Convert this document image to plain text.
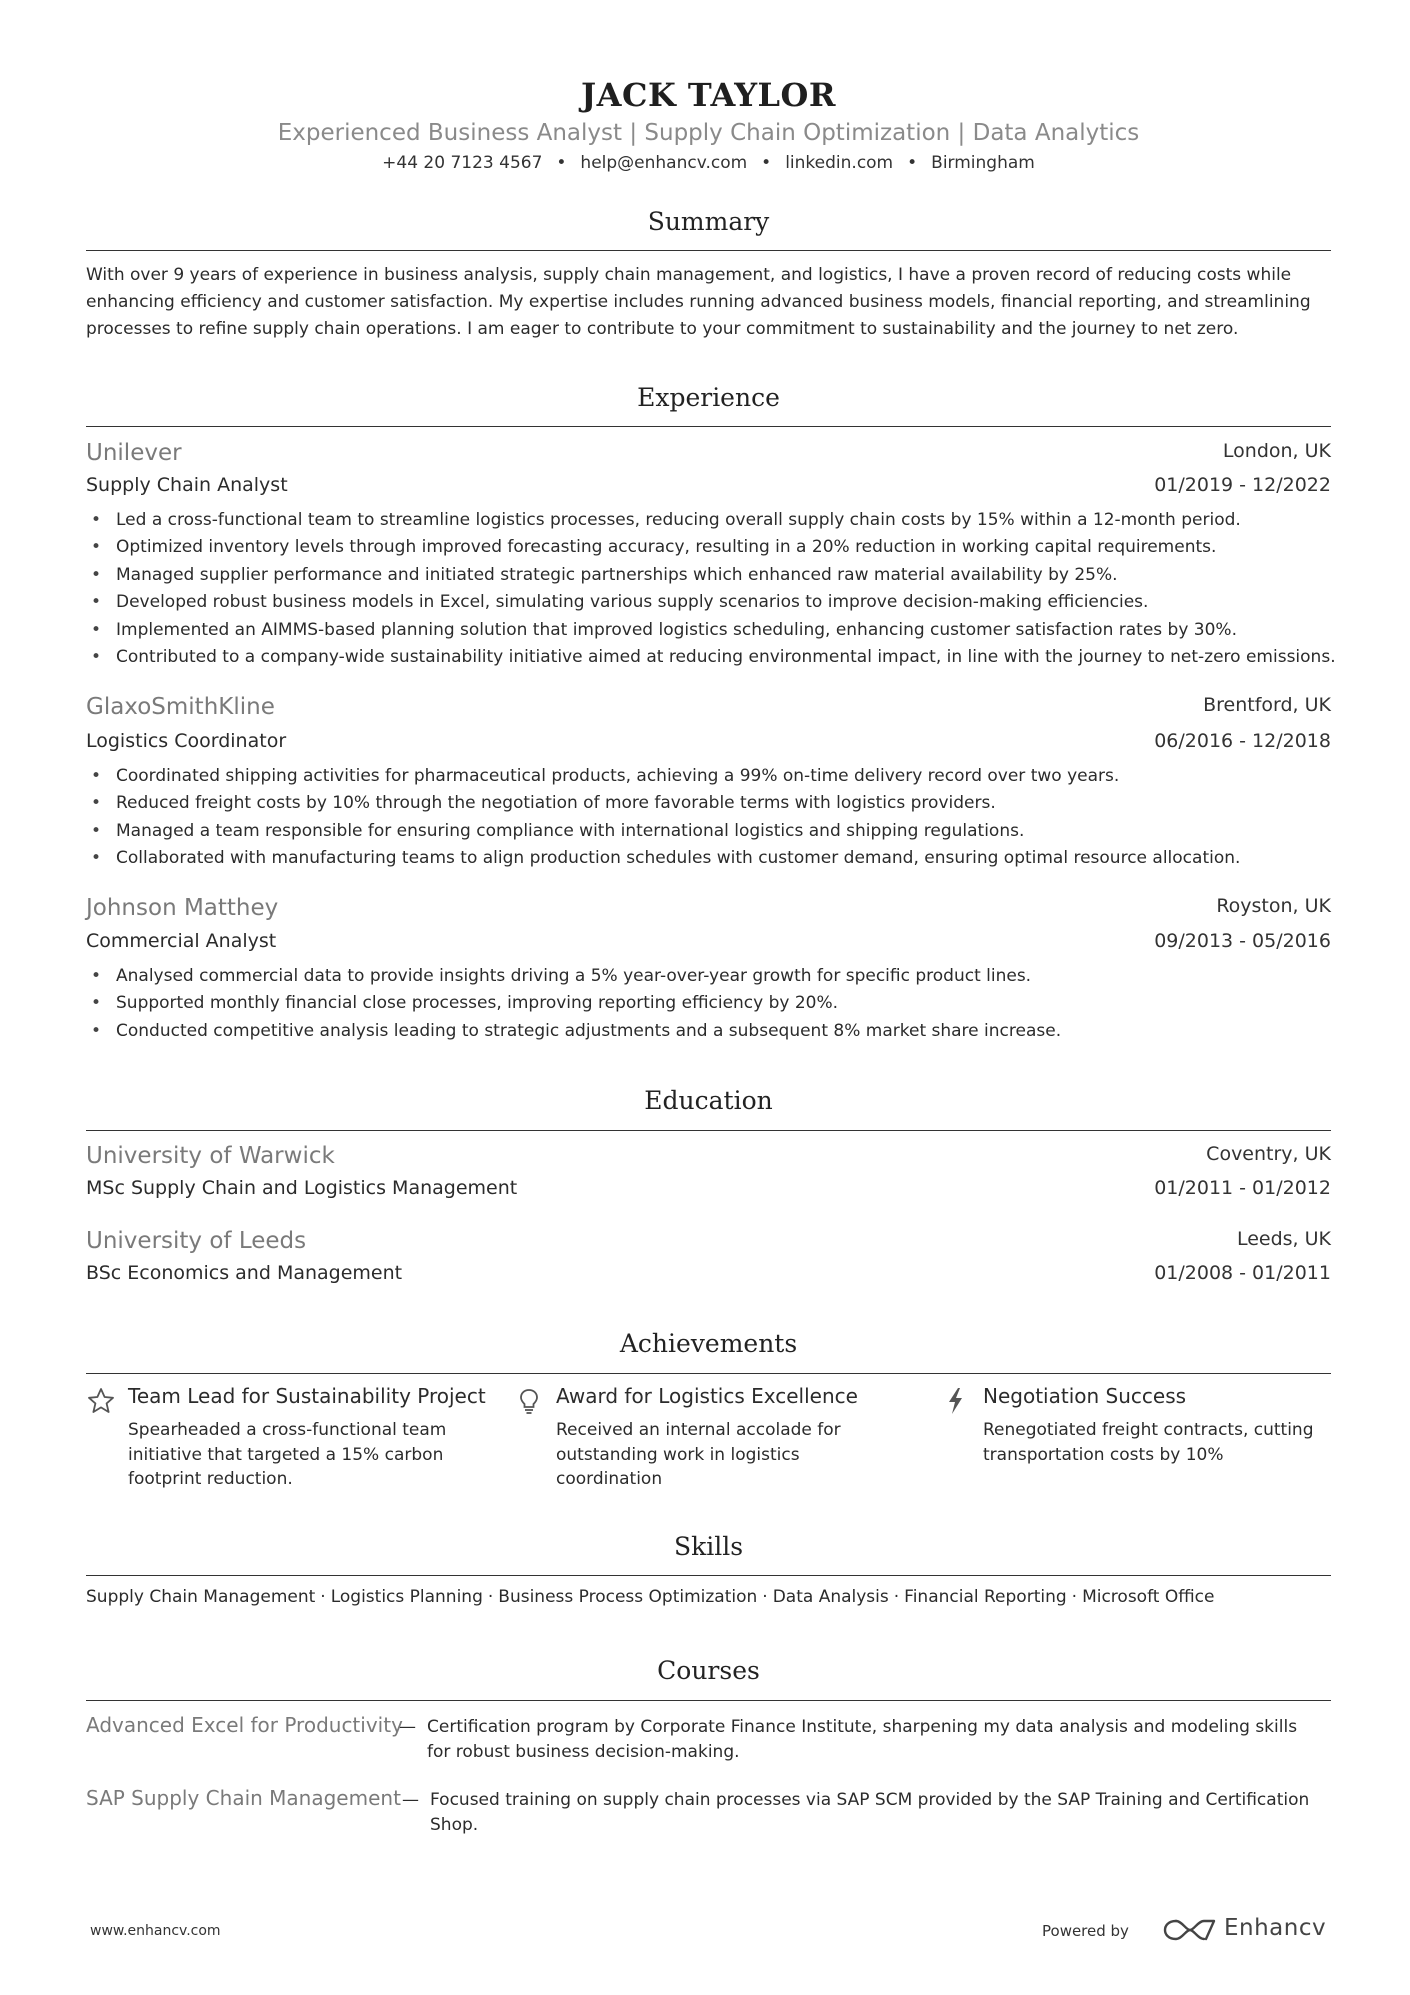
JACK TAYLOR
Experienced Business Analyst | Supply Chain Optimization | Data Analytics
+44 20 7123 4567 • help@enhancv.com • linkedin.com • Birmingham
Summary
With over 9 years of experience in business analysis, supply chain management, and logistics, I have a proven record of reducing costs while enhancing efficiency and customer satisfaction. My expertise includes running advanced business models, financial reporting, and streamlining processes to refine supply chain operations. I am eager to contribute to your commitment to sustainability and the journey to net zero.
Experience
Unilever	London, UK
Supply Chain Analyst	01/2019 - 12/2022
• Led a cross-functional team to streamline logistics processes, reducing overall supply chain costs by 15% within a 12-month period.
• Optimized inventory levels through improved forecasting accuracy, resulting in a 20% reduction in working capital requirements.
• Managed supplier performance and initiated strategic partnerships which enhanced raw material availability by 25%.
• Developed robust business models in Excel, simulating various supply scenarios to improve decision-making efficiencies.
• Implemented an AIMMS-based planning solution that improved logistics scheduling, enhancing customer satisfaction rates by 30%.
• Contributed to a company-wide sustainability initiative aimed at reducing environmental impact, in line with the journey to net-zero emissions.
GlaxoSmithKline	Brentford, UK
Logistics Coordinator	06/2016 - 12/2018
• Coordinated shipping activities for pharmaceutical products, achieving a 99% on-time delivery record over two years.
• Reduced freight costs by 10% through the negotiation of more favorable terms with logistics providers.
• Managed a team responsible for ensuring compliance with international logistics and shipping regulations.
• Collaborated with manufacturing teams to align production schedules with customer demand, ensuring optimal resource allocation.
Johnson Matthey	Royston, UK
Commercial Analyst	09/2013 - 05/2016
• Analysed commercial data to provide insights driving a 5% year-over-year growth for specific product lines.
• Supported monthly financial close processes, improving reporting efficiency by 20%.
• Conducted competitive analysis leading to strategic adjustments and a subsequent 8% market share increase.
Education
University of Warwick	Coventry, UK
MSc Supply Chain and Logistics Management	01/2011 - 01/2012
University of Leeds	Leeds, UK
BSc Economics and Management	01/2008 - 01/2011
Achievements
Team Lead for Sustainability Project
Spearheaded a cross-functional team initiative that targeted a 15% carbon footprint reduction.
Award for Logistics Excellence
Received an internal accolade for outstanding work in logistics coordination
Negotiation Success
Renegotiated freight contracts, cutting transportation costs by 10%
Skills
Supply Chain Management · Logistics Planning · Business Process Optimization · Data Analysis · Financial Reporting · Microsoft Office
Courses
Advanced Excel for Productivity
— Certification program by Corporate Finance Institute, sharpening my data analysis and modeling skills for robust business decision-making.
SAP Supply Chain Management — Focused training on supply chain processes via SAP SCM provided by the SAP Training and Certification Shop.
www.enhancv.com	Powered by	Enhancv
